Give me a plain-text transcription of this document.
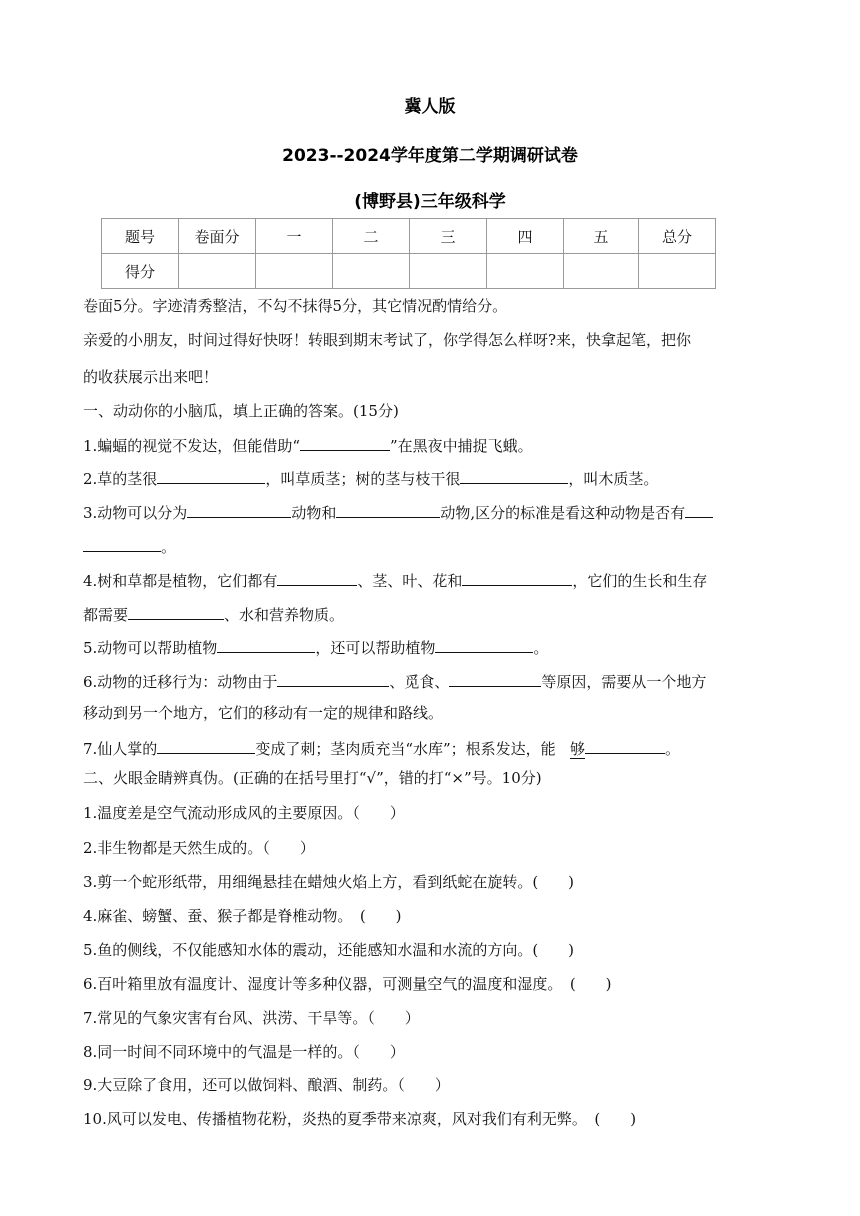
冀人版
2023--2024学年度第二学期调研试卷
(博野县)三年级科学
题号	卷面分	一	二	三	四	五	总分
得分							
卷面5分。字迹清秀整洁，不勾不抹得5分，其它情况酌情给分。
亲爱的小朋友，时间过得好快呀！转眼到期末考试了，你学得怎么样呀?来，快拿起笔，把你
的收获展示出来吧！
一、动动你的小脑瓜，填上正确的答案。(15分)
1.蝙蝠的视觉不发达，但能借助“	”在黑夜中捕捉飞蛾。
2.草的茎很	，叫草质茎；树的茎与枝干很	，叫木质茎。
3.动物可以分为	动物和	动物,区分的标准是看这种动物是否有
。
4.树和草都是植物，它们都有	、茎、叶、花和	，它们的生长和生存
都需要	、水和营养物质。
5.动物可以帮助植物	，还可以帮助植物	。
6.动物的迁移行为：动物由于	、觅食、	等原因，需要从一个地方
移动到另一个地方，它们的移动有一定的规律和路线。
7.仙人掌的	变成了刺；茎肉质充当“水库”；根系发达，能 够	。
二、火眼金睛辨真伪。(正确的在括号里打“√”，错的打“×”号。10分)
1.温度差是空气流动形成风的主要原因。（　　）
2.非生物都是天然生成的。（　　）
3.剪一个蛇形纸带，用细绳悬挂在蜡烛火焰上方，看到纸蛇在旋转。(　　)
4.麻雀、螃蟹、蚕、猴子都是脊椎动物。　(　　)
5.鱼的侧线，不仅能感知水体的震动，还能感知水温和水流的方向。(　　)
6.百叶箱里放有温度计、湿度计等多种仪器，可测量空气的温度和湿度。　(　　)
7.常见的气象灾害有台风、洪涝、干旱等。（　　）
8.同一时间不同环境中的气温是一样的。（　　）
9.大豆除了食用，还可以做饲料、酿酒、制药。（　　）
10.风可以发电、传播植物花粉，炎热的夏季带来凉爽，风对我们有利无弊。　(　　)
